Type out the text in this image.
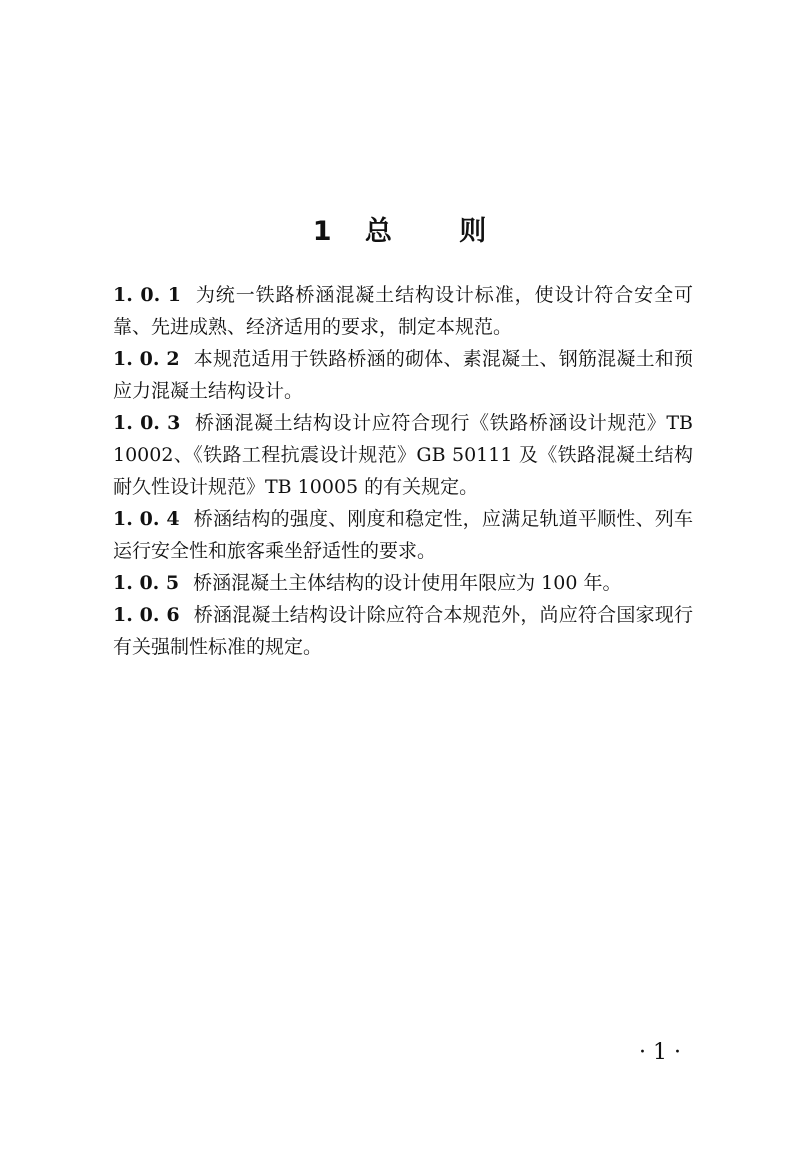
1 总 则

1. 0. 1 为统一铁路桥涵混凝土结构设计标准，使设计符合安全可靠、先进成熟、经济适用的要求，制定本规范。

1. 0. 2 本规范适用于铁路桥涵的砌体、素混凝土、钢筋混凝土和预应力混凝土结构设计。

1. 0. 3 桥涵混凝土结构设计应符合现行《铁路桥涵设计规范》TB 10002、《铁路工程抗震设计规范》GB 50111 及《铁路混凝土结构耐久性设计规范》TB 10005 的有关规定。

1. 0. 4 桥涵结构的强度、刚度和稳定性，应满足轨道平顺性、列车运行安全性和旅客乘坐舒适性的要求。

1. 0. 5 桥涵混凝土主体结构的设计使用年限应为 100 年。

1. 0. 6 桥涵混凝土结构设计除应符合本规范外，尚应符合国家现行有关强制性标准的规定。

· 1 ·
